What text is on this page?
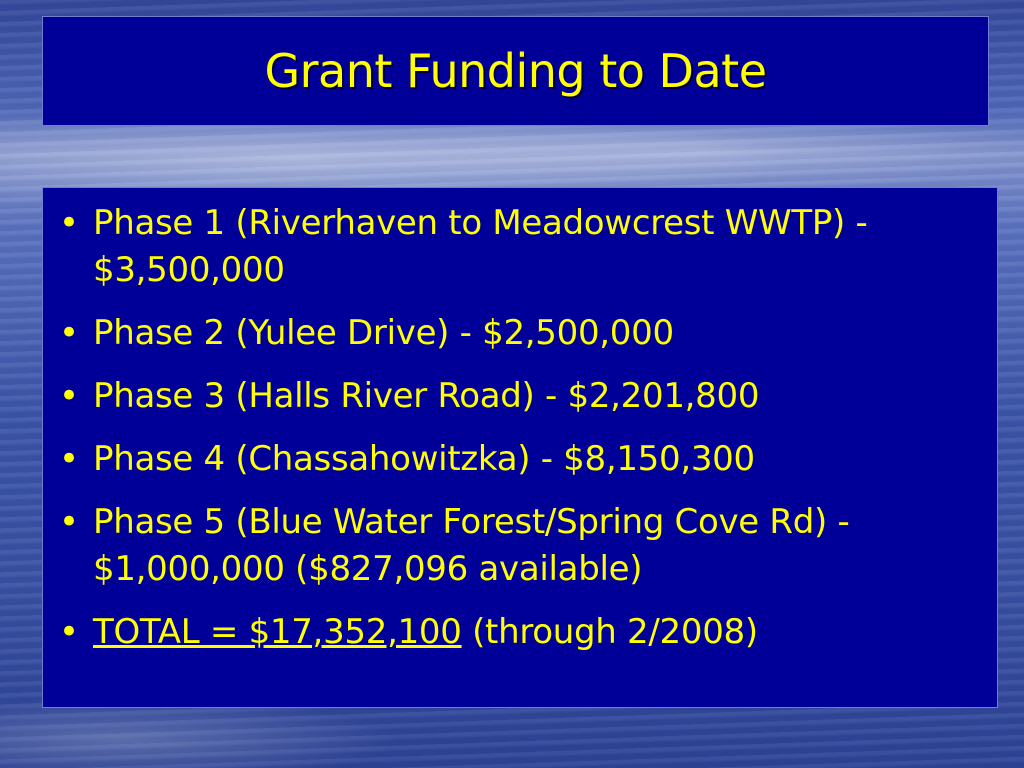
Grant Funding to Date
• Phase 1 (Riverhaven to Meadowcrest WWTP) - $3,500,000
• Phase 2 (Yulee Drive) - $2,500,000
• Phase 3 (Halls River Road) - $2,201,800
• Phase 4 (Chassahowitzka) - $8,150,300
• Phase 5 (Blue Water Forest/Spring Cove Rd) - $1,000,000 ($827,096 available)
• TOTAL = $17,352,100 (through 2/2008)
